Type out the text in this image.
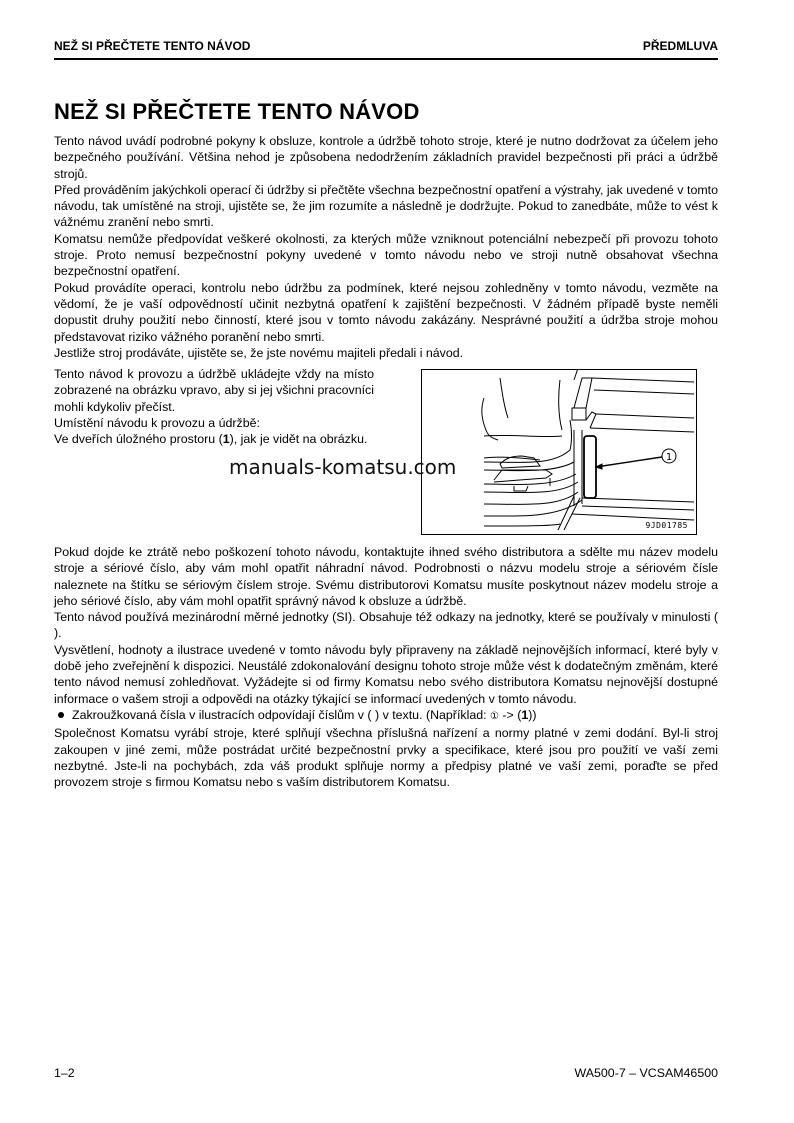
NEŽ SI PŘEČTETE TENTO NÁVOD	PŘEDMLUVA
NEŽ SI PŘEČTETE TENTO NÁVOD

Tento návod uvádí podrobné pokyny k obsluze, kontrole a údržbě tohoto stroje, které je nutno dodržovat za účelem jeho bezpečného používání. Většina nehod je způsobena nedodržením základních pravidel bezpečnosti při práci a údržbě strojů.

Před prováděním jakýchkoli operací či údržby si přečtěte všechna bezpečnostní opatření a výstrahy, jak uvedené v tomto návodu, tak umístěné na stroji, ujistěte se, že jim rozumíte a následně je dodržujte. Pokud to zanedbáte, může to vést k vážnému zranění nebo smrti.

Komatsu nemůže předpovídat veškeré okolnosti, za kterých může vzniknout potenciální nebezpečí při provozu tohoto stroje. Proto nemusí bezpečnostní pokyny uvedené v tomto návodu nebo ve stroji nutně obsahovat všechna bezpečnostní opatření.

Pokud provádíte operaci, kontrolu nebo údržbu za podmínek, které nejsou zohledněny v tomto návodu, vezměte na vědomí, že je vaší odpovědností učinit nezbytná opatření k zajištění bezpečnosti. V žádném případě byste neměli dopustit druhy použití nebo činností, které jsou v tomto návodu zakázány. Nesprávné použití a údržba stroje mohou představovat riziko vážného poranění nebo smrti.

Jestliže stroj prodáváte, ujistěte se, že jste novému majiteli předali i návod.

Tento návod k provozu a údržbě ukládejte vždy na místo zobrazené na obrázku vpravo, aby si jej všichni pracovníci mohli kdykoliv přečíst.

Umístění návodu k provozu a údržbě:

Ve dveřích úložného prostoru (1), jak je vidět na obrázku.

1
9JD01785
manuals-komatsu.com

Pokud dojde ke ztrátě nebo poškození tohoto návodu, kontaktujte ihned svého distributora a sdělte mu název modelu stroje a sériové číslo, aby vám mohl opatřit náhradní návod. Podrobnosti o názvu modelu stroje a sériovém čísle naleznete na štítku se sériovým číslem stroje. Svému distributorovi Komatsu musíte poskytnout název modelu stroje a jeho sériové číslo, aby vám mohl opatřit správný návod k obsluze a údržbě.

Tento návod používá mezinárodní měrné jednotky (SI). Obsahuje též odkazy na jednotky, které se používaly v minulosti ( ).

Vysvětlení, hodnoty a ilustrace uvedené v tomto návodu byly připraveny na základě nejnovějších informací, které byly v době jeho zveřejnění k dispozici. Neustálé zdokonalování designu tohoto stroje může vést k dodatečným změnám, které tento návod nemusí zohledňovat. Vyžádejte si od firmy Komatsu nebo svého distributora Komatsu nejnovější dostupné informace o vašem stroji a odpovědi na otázky týkající se informací uvedených v tomto návodu.

Zakroužkovaná čísla v ilustracích odpovídají číslům v ( ) v textu. (Například: ① -> (1))

Společnost Komatsu vyrábí stroje, které splňují všechna příslušná nařízení a normy platné v zemi dodání. Byl-li stroj zakoupen v jiné zemi, může postrádat určité bezpečnostní prvky a specifikace, které jsou pro použití ve vaší zemi nezbytné. Jste-li na pochybách, zda váš produkt splňuje normy a předpisy platné ve vaší zemi, poraďte se před provozem stroje s firmou Komatsu nebo s vaším distributorem Komatsu.

1–2	WA500-7 – VCSAM46500
